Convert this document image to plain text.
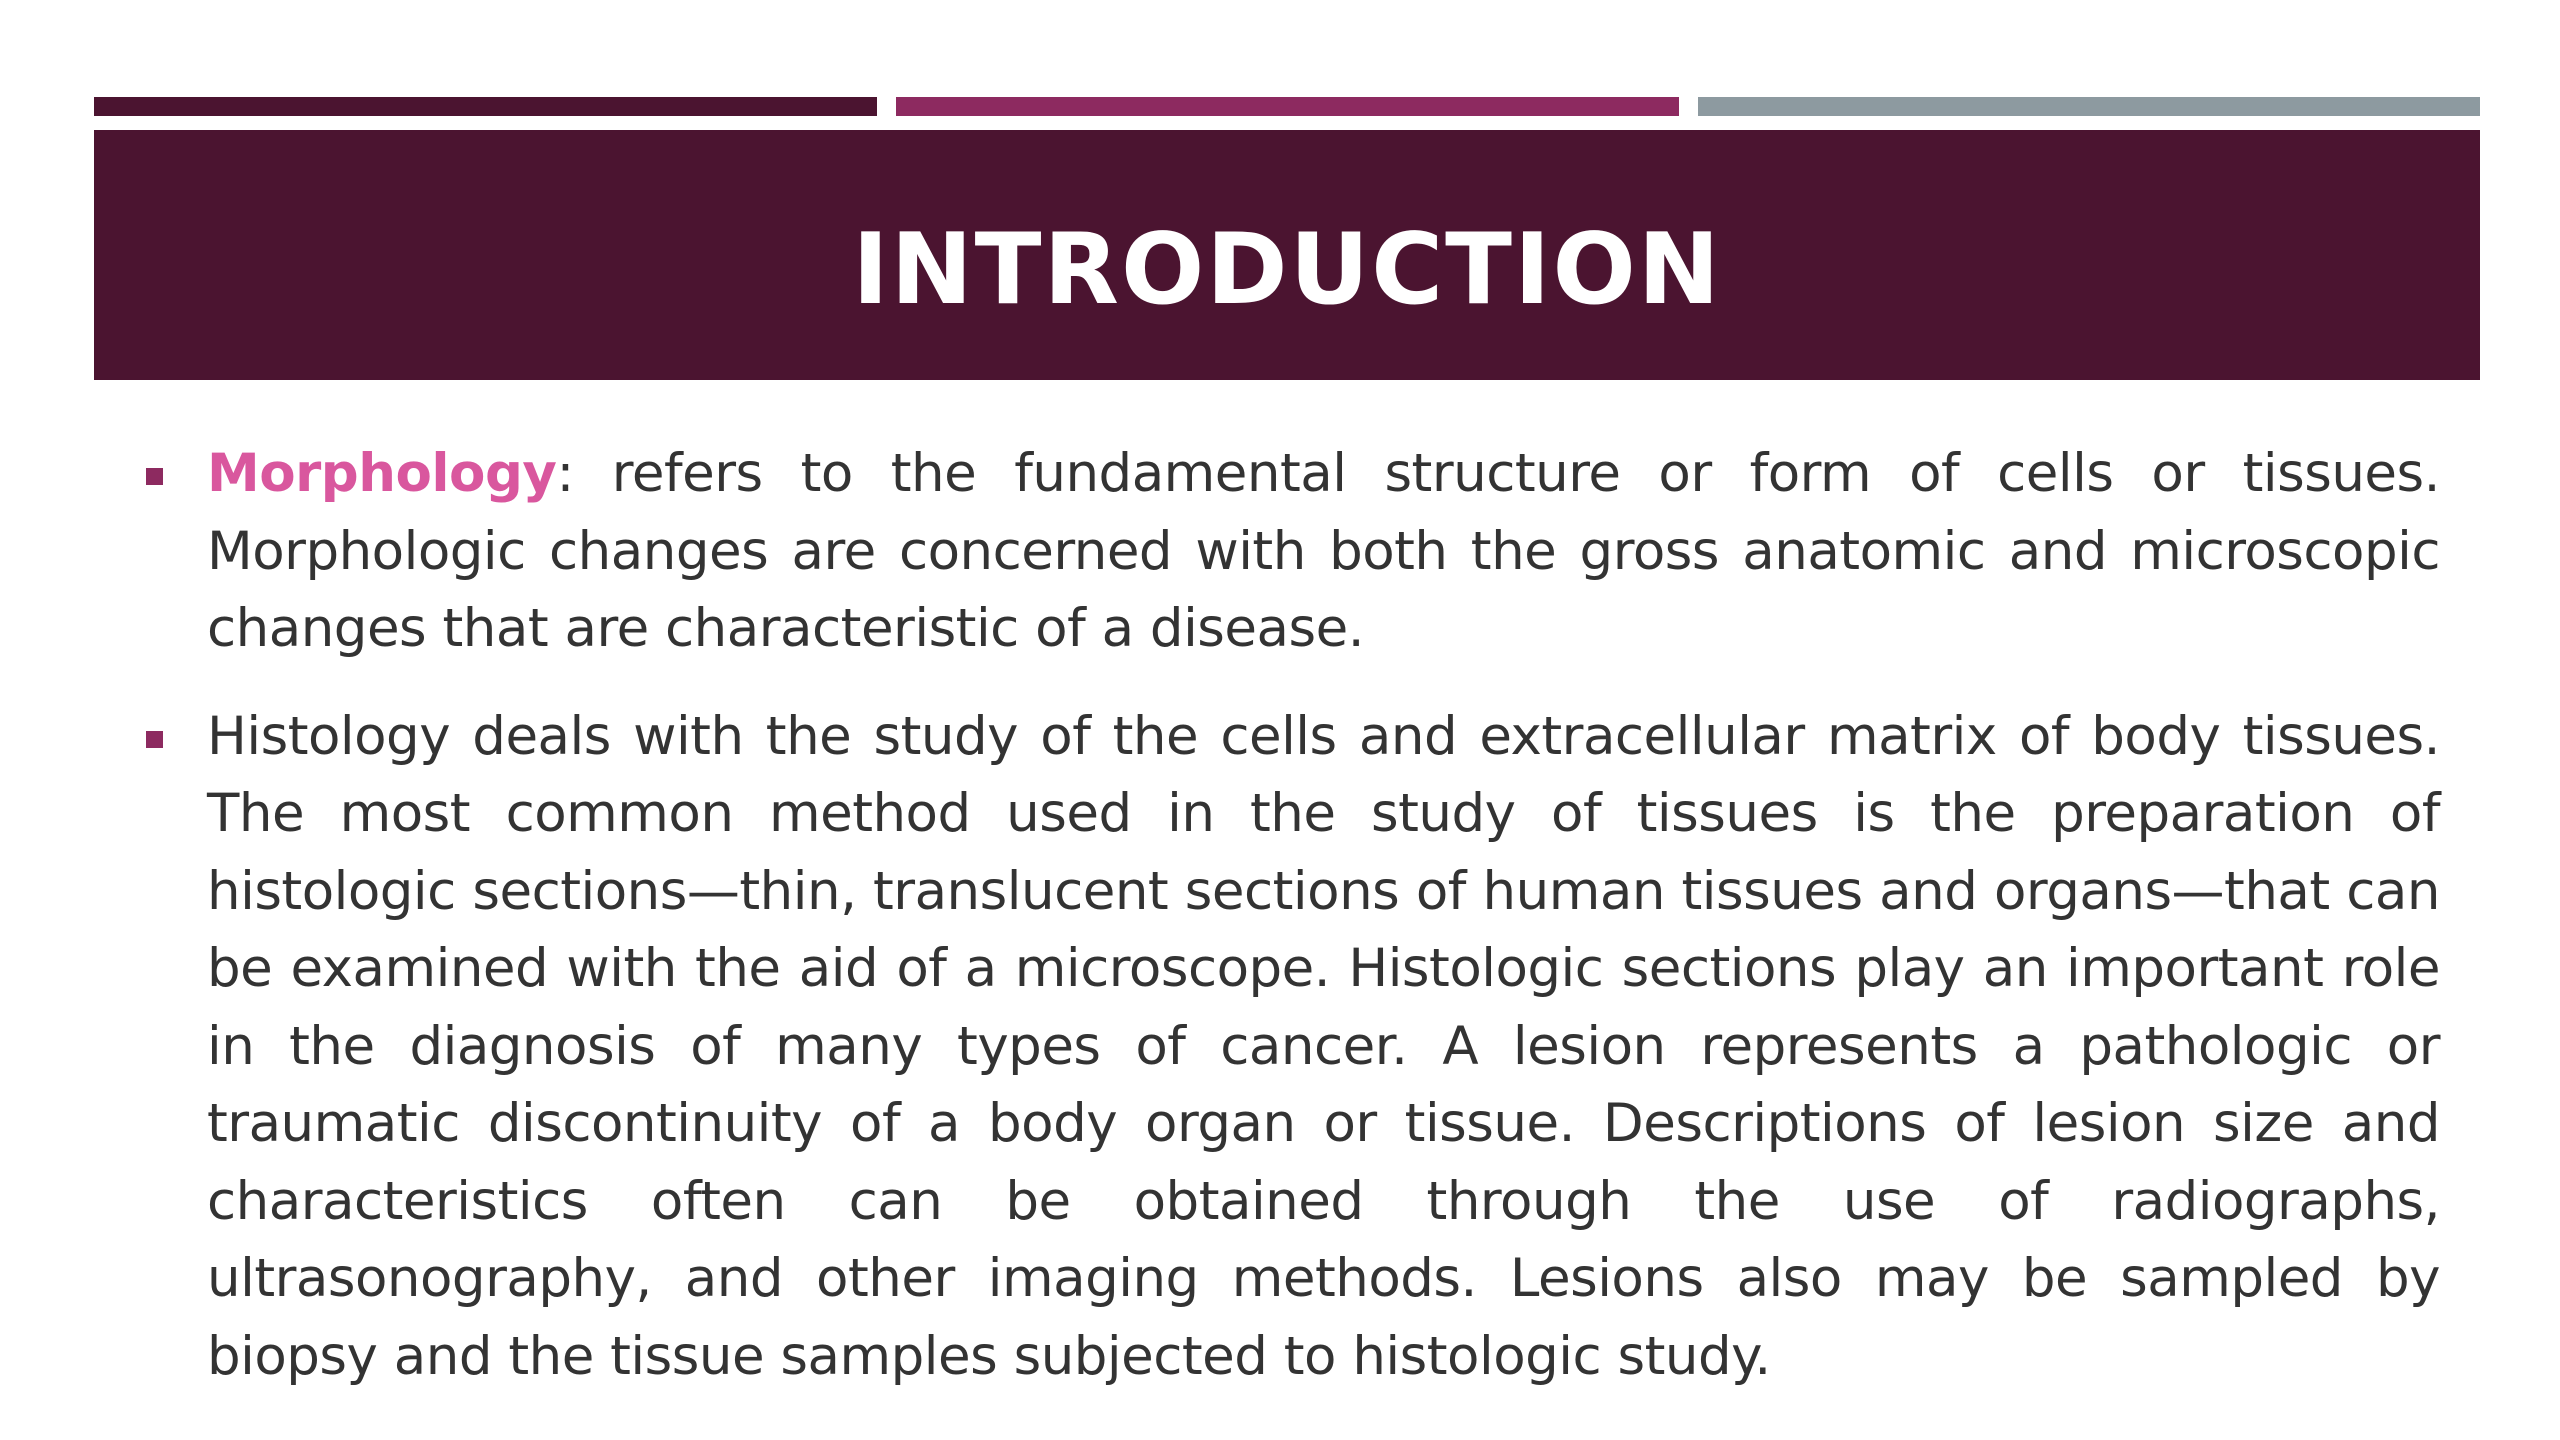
INTRODUCTION
Morphology: refers to the fundamental structure or form of cells or tissues. Morphologic changes are concerned with both the gross anatomic and microscopic changes that are characteristic of a disease.
Histology deals with the study of the cells and extracellular matrix of body tissues. The most common method used in the study of tissues is the preparation of histologic sections—thin, translucent sections of human tissues and organs—that can be examined with the aid of a microscope. Histologic sections play an important role in the diagnosis of many types of cancer. A lesion represents a pathologic or traumatic discontinuity of a body organ or tissue. Descriptions of lesion size and characteristics often can be obtained through the use of radiographs, ultrasonography, and other imaging methods. Lesions also may be sampled by biopsy and the tissue samples subjected to histologic study.
